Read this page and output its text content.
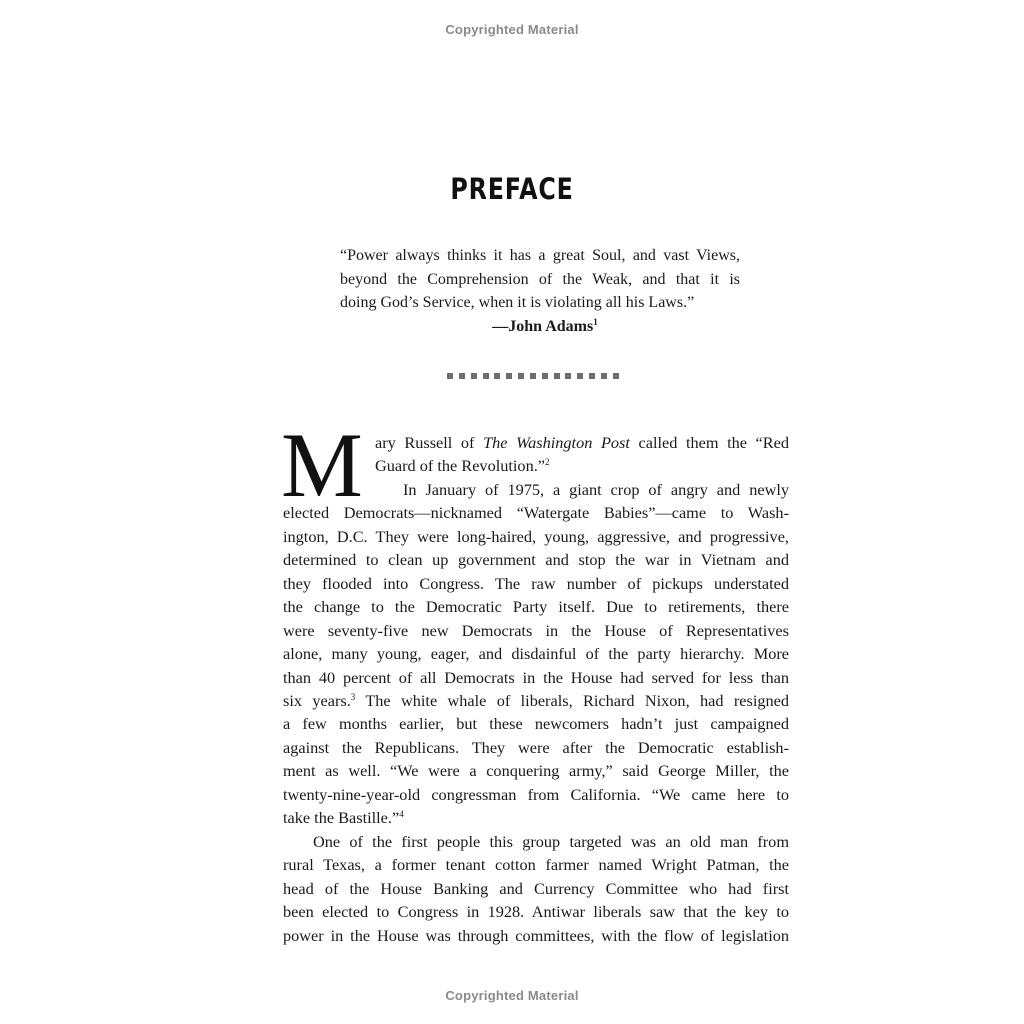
Copyrighted Material
PREFACE
“Power always thinks it has a great Soul, and vast Views,
beyond the Comprehension of the Weak, and that it is
doing God’s Service, when it is violating all his Laws.”
—John Adams$^1$
M ary Russell of The Washington Post called them the “Red
Guard of the Revolution.”$^2$
In January of 1975, a giant crop of angry and newly
elected Democrats—nicknamed “Watergate Babies”—came to Wash-
ington, D.C. They were long-haired, young, aggressive, and progressive,
determined to clean up government and stop the war in Vietnam and
they flooded into Congress. The raw number of pickups understated
the change to the Democratic Party itself. Due to retirements, there
were seventy-five new Democrats in the House of Representatives
alone, many young, eager, and disdainful of the party hierarchy. More
than 40 percent of all Democrats in the House had served for less than
six years.$^3$ The white whale of liberals, Richard Nixon, had resigned
a few months earlier, but these newcomers hadn’t just campaigned
against the Republicans. They were after the Democratic establish-
ment as well. “We were a conquering army,” said George Miller, the
twenty-nine-year-old congressman from California. “We came here to
take the Bastille.”$^4$
One of the first people this group targeted was an old man from
rural Texas, a former tenant cotton farmer named Wright Patman, the
head of the House Banking and Currency Committee who had first
been elected to Congress in 1928. Antiwar liberals saw that the key to
power in the House was through committees, with the flow of legislation
Copyrighted Material
